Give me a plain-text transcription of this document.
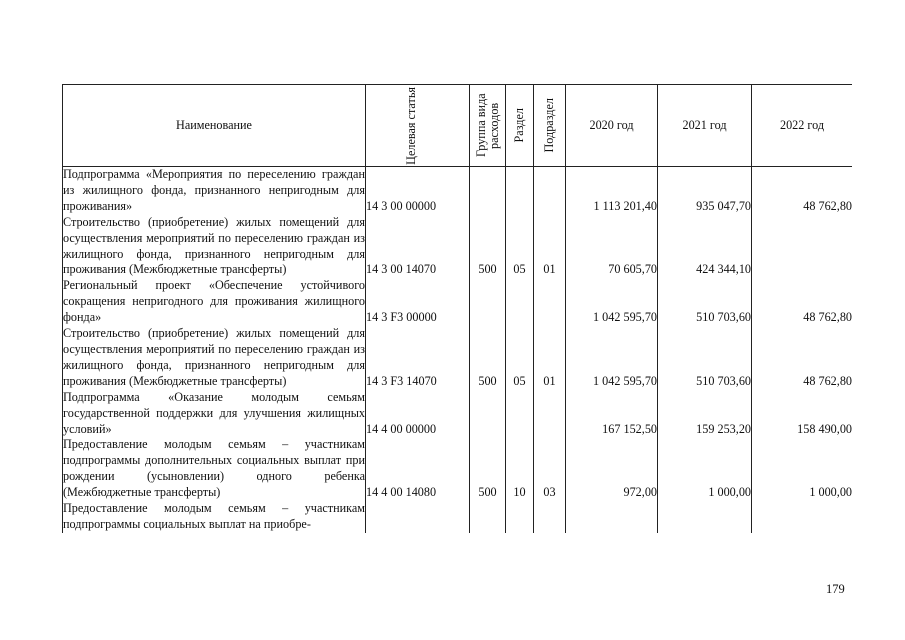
Наименование	Целевая статья	Группа вида расходов	Раздел	Подраздел	2020 год	2021 год	2022 год
Подпрограмма «Мероприятия по переселению граждан из жилищного фонда, признанного непригодным для проживания»	14 3 00 00000				1 113 201,40	935 047,70	48 762,80
Строительство (приобретение) жилых помещений для осуществления мероприятий по переселению граждан из жилищного фонда, признанного непригодным для проживания (Межбюджетные трансферты)	14 3 00 14070	500	05	01	70 605,70	424 344,10	
Региональный проект «Обеспечение устойчивого сокращения непригодного для проживания жилищного фонда»	14 3 F3 00000				1 042 595,70	510 703,60	48 762,80
Строительство (приобретение) жилых помещений для осуществления мероприятий по переселению граждан из жилищного фонда, признанного непригодным для проживания (Межбюджетные трансферты)	14 3 F3 14070	500	05	01	1 042 595,70	510 703,60	48 762,80
Подпрограмма «Оказание молодым семьям государственной поддержки для улучшения жилищных условий»	14 4 00 00000				167 152,50	159 253,20	158 490,00
Предоставление молодым семьям – участникам подпрограммы дополнительных социальных выплат при рождении (усыновлении) одного ребенка (Межбюджетные трансферты)	14 4 00 14080	500	10	03	972,00	1 000,00	1 000,00
Предоставление молодым семьям – участникам подпрограммы социальных выплат на приобре-							
179
